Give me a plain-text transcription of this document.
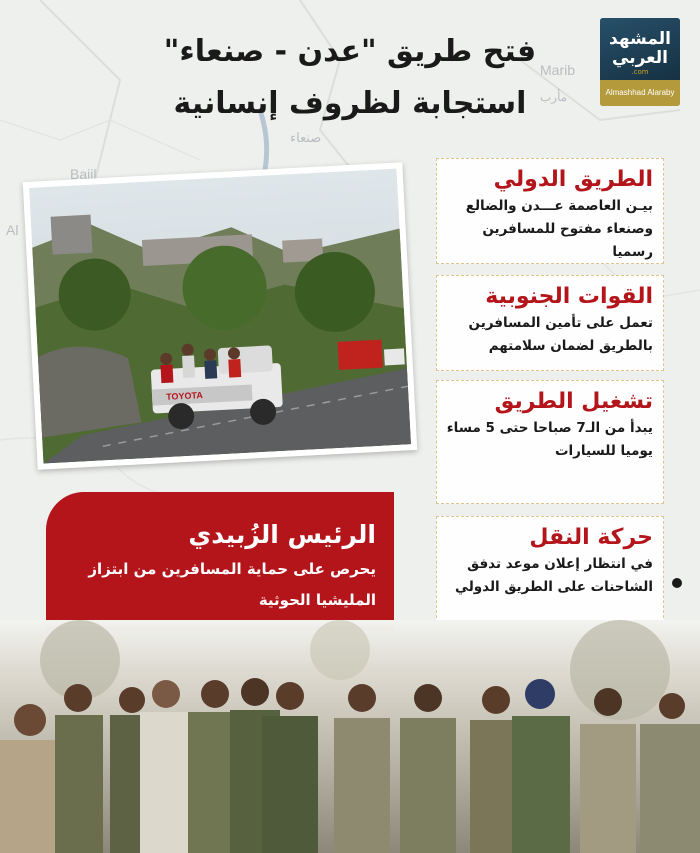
Bajil
Marib
صنعاء
مأرب
Al
المشهد العربي
.com
Almashhad Alaraby
فتح طريق "عدن - صنعاء"
استجابة لظروف إنسانية
TOYOTA
الطريق الدولي
بيـن العاصمة عـــدن والضالع
وصنعاء مفتوح للمسافرين رسميا
القوات الجنوبية
تعمل على تأمين المسافرين
بالطريق لضمان سلامتهم
تشغيل الطريق
يبدأ من الـ7 صباحا حتى 5 مساء
يوميا للسيارات
حركة النقل
في انتظار إعلان موعد تدفق
الشاحنات على الطريق الدولي
الرئيس الزُبيدي
يحرص على حماية المسافرين من ابتزاز
المليشيا الحوثية
